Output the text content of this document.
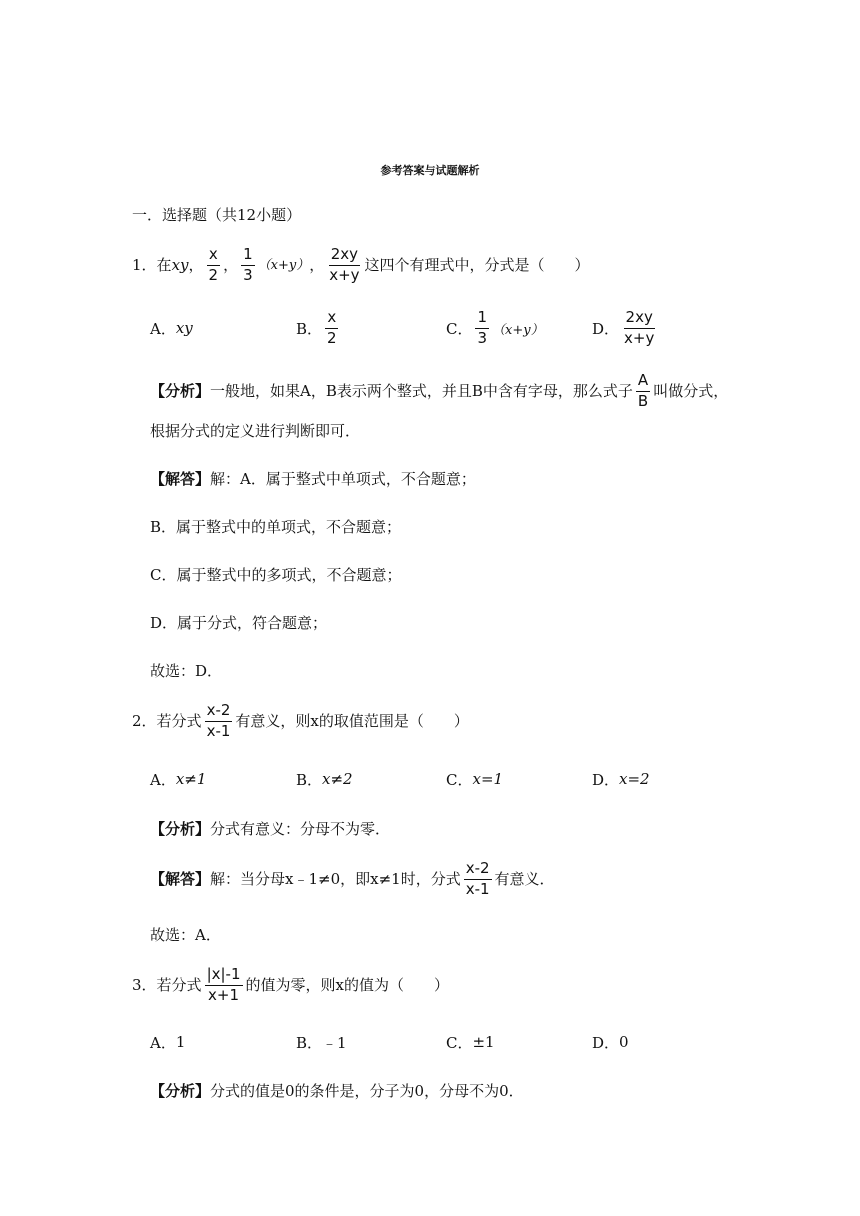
参考答案与试题解析
一．选择题（共12小题）
1． 在 xy ， $\frac{x}{2}$ ， $\frac{1}{3} (x+y)$ ， $\frac{2xy}{x+y}$ 这四个有理式中，分式是（　　）
A． xy	B． $\frac{x}{2}$	C． $\frac{1}{3} (x+y)$	D． $\frac{2xy}{x+y}$
【分析】 一般地，如果A，B表示两个整式，并且B中含有字母，那么式子 $\frac{A}{B}$ 叫做分式，
根据分式的定义进行判断即可．
【解答】 解：A．属于整式中单项式，不合题意；
B．属于整式中的单项式，不合题意；
C．属于整式中的多项式，不合题意；
D．属于分式，符合题意；
故选：D．
2． 若分式 $\frac{x-2}{x-1}$ 有意义，则x的取值范围是（　　）
A． x≠1	B． x≠2	C． x=1	D． x=2
【分析】 分式有意义：分母不为零．
【解答】 解：当分母x﹣1≠0，即x≠1时，分式 $\frac{x-2}{x-1}$ 有意义．
故选：A．
3． 若分式 $\frac{|x|-1}{x+1}$ 的值为零，则x的值为（　　）
A． 1	B． ﹣1	C． ±1	D． 0
【分析】 分式的值是0的条件是，分子为0，分母不为0．
